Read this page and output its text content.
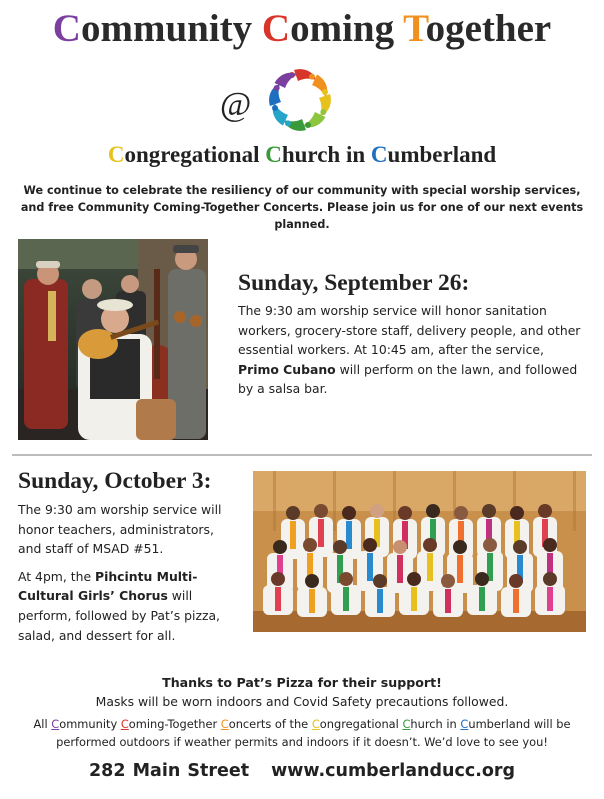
Community Coming Together
@
Congregational Church in Cumberland
We continue to celebrate the resiliency of our community with special worship services,
and free Community Coming-Together Concerts. Please join us for one of our next events planned.
Sunday, September 26:

The 9:30 am worship service will honor sanitation workers, grocery-store staff, delivery people, and other essential workers. At 10:45 am, after the service, Primo Cubano will perform on the lawn, and followed by a salsa bar.

Sunday, October 3:

The 9:30 am worship service will honor teachers, administrators, and staff of MSAD #51.

At 4pm, the Pihcintu Multi-Cultural Girls’ Chorus will perform, followed by Pat’s pizza, salad, and dessert for all.

Thanks to Pat’s Pizza for their support!
Masks will be worn indoors and Covid Safety precautions followed.
All Community Coming-Together Concerts of the Congregational Church in Cumberland will be
performed outdoors if weather permits and indoors if it doesn’t. We’d love to see you!
282 Main Street www.cumberlanducc.org
